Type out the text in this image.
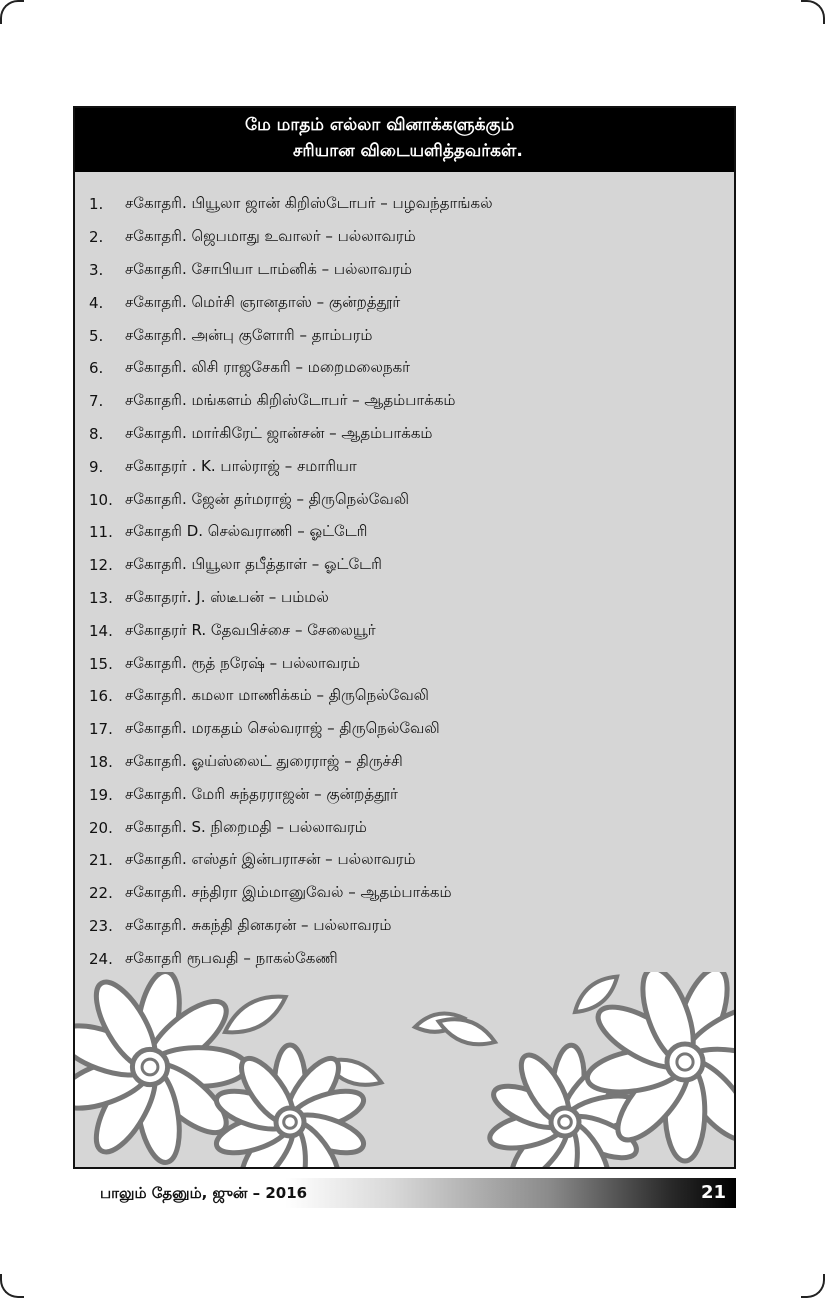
மே மாதம் எல்லா வினாக்களுக்கும்
சரியான விடையளித்தவர்கள்.
1.	சகோதரி. பியூலா ஜான் கிறிஸ்டோபர் – பழவந்தாங்கல்
2.	சகோதரி. ஜெபமாது உவாலர் – பல்லாவரம்
3.	சகோதரி. சோபியா டாம்னிக் – பல்லாவரம்
4.	சகோதரி. மெர்சி ஞானதாஸ் – குன்றத்தூர்
5.	சகோதரி. அன்பு குளோரி – தாம்பரம்
6.	சகோதரி. லிசி ராஜசேகரி – மறைமலைநகர்
7.	சகோதரி. மங்களம் கிறிஸ்டோபர் – ஆதம்பாக்கம்
8.	சகோதரி. மார்கிரேட் ஜான்சன் – ஆதம்பாக்கம்
9.	சகோதரர் . K. பால்ராஜ் – சமாரியா
10. சகோதரி. ஜேன் தர்மராஜ் – திருநெல்வேலி
11. சகோதரி D. செல்வராணி – ஓட்டேரி
12. சகோதரி. பியூலா தபீத்தாள் – ஓட்டேரி
13. சகோதரர். J. ஸ்டீபன் – பம்மல்
14. சகோதரர் R. தேவபிச்சை – சேலையூர்
15. சகோதரி. ரூத் நரேஷ் – பல்லாவரம்
16. சகோதரி. கமலா மாணிக்கம் – திருநெல்வேலி
17. சகோதரி. மரகதம் செல்வராஜ் – திருநெல்வேலி
18. சகோதரி. ஓய்ஸ்லைட் துரைராஜ் – திருச்சி
19. சகோதரி. மேரி சுந்தரராஜன் – குன்றத்தூர்
20. சகோதரி. S. நிறைமதி – பல்லாவரம்
21. சகோதரி. எஸ்தர் இன்பராசன் – பல்லாவரம்
22. சகோதரி. சந்திரா இம்மானுவேல் – ஆதம்பாக்கம்
23. சகோதரி. சுகந்தி தினகரன் – பல்லாவரம்
24. சகோதரி ரூபவதி – நாகல்கேணி
பாலும் தேனும், ஜுன் – 2016	21
